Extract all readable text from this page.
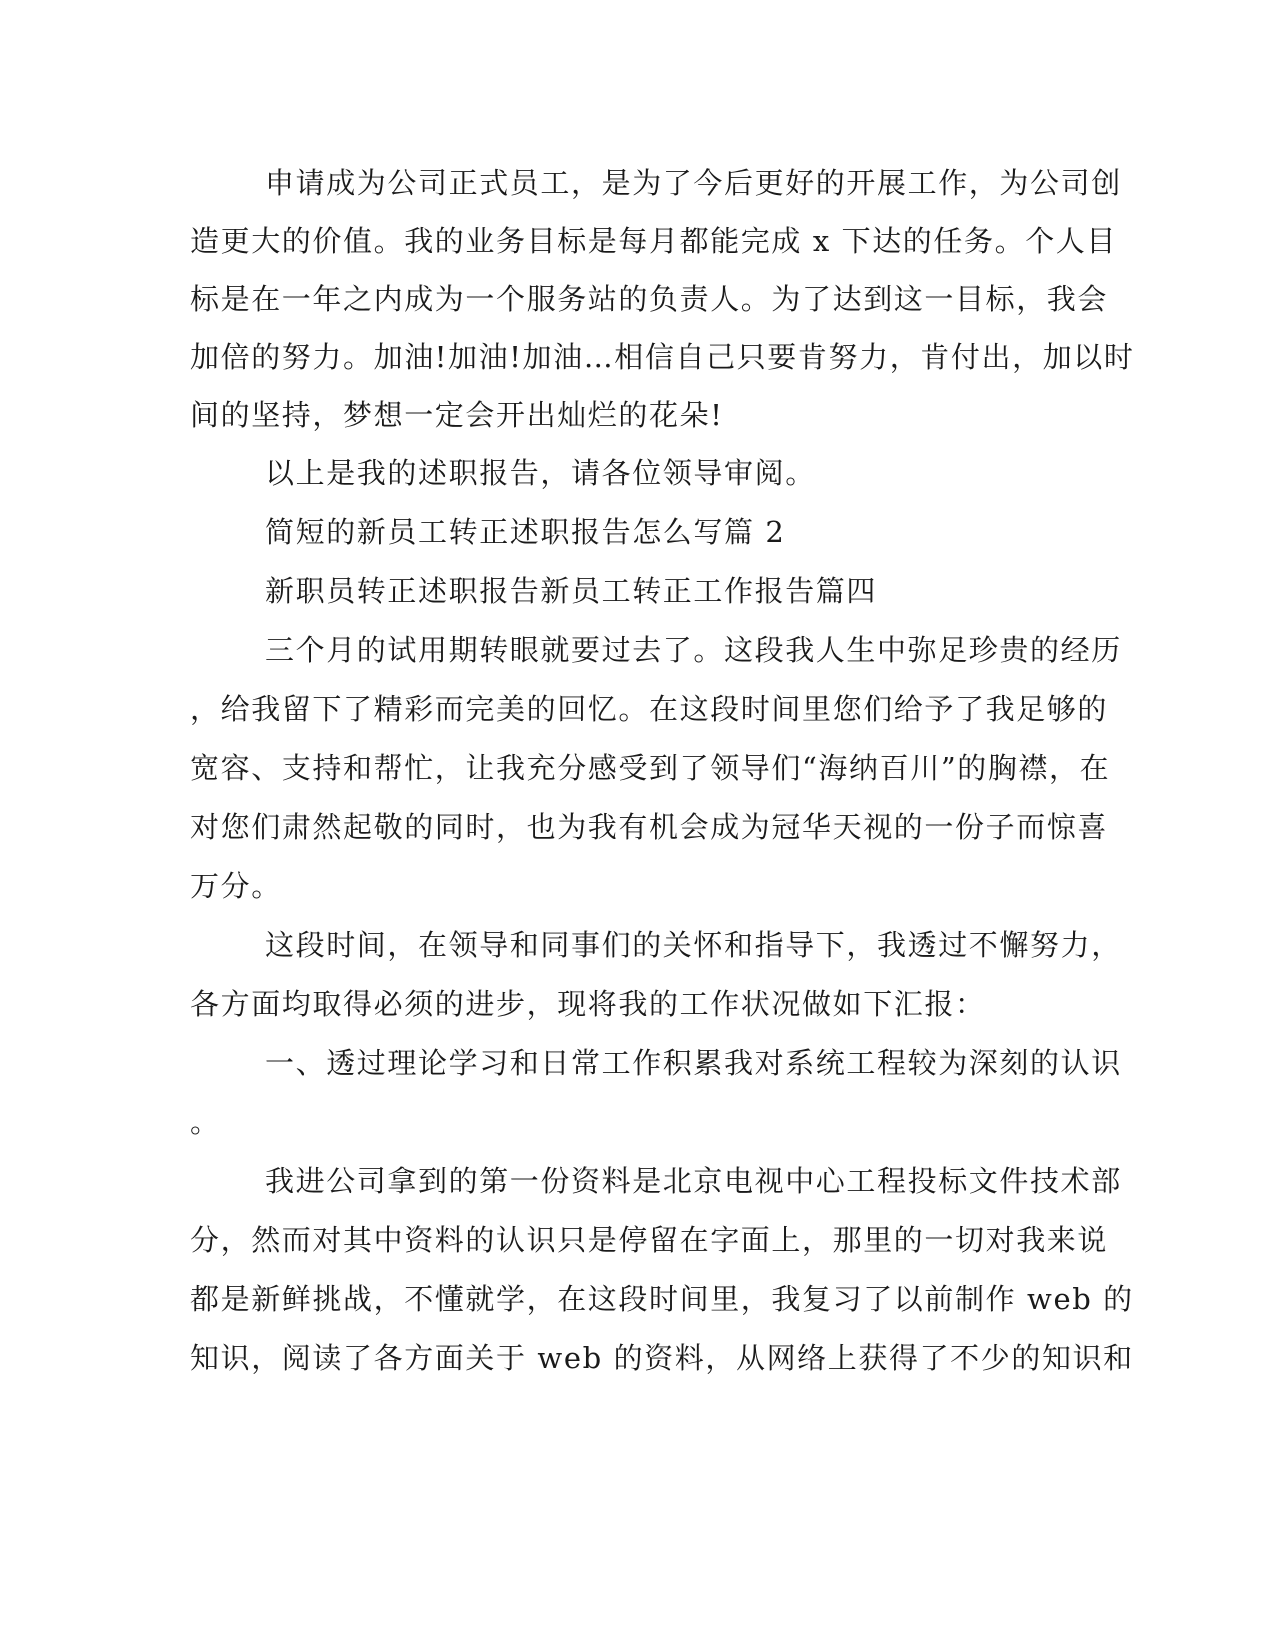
申请成为公司正式员工，是为了今后更好的开展工作，为公司创
造更大的价值。我的业务目标是每月都能完成 x 下达的任务。个人目
标是在一年之内成为一个服务站的负责人。为了达到这一目标，我会
加倍的努力。加油!加油!加油…相信自己只要肯努力，肯付出，加以时
间的坚持，梦想一定会开出灿烂的花朵!
以上是我的述职报告，请各位领导审阅。
简短的新员工转正述职报告怎么写篇 2
新职员转正述职报告新员工转正工作报告篇四
三个月的试用期转眼就要过去了。这段我人生中弥足珍贵的经历
，给我留下了精彩而完美的回忆。在这段时间里您们给予了我足够的
宽容、支持和帮忙，让我充分感受到了领导们“海纳百川”的胸襟，在
对您们肃然起敬的同时，也为我有机会成为冠华天视的一份子而惊喜
万分。
这段时间，在领导和同事们的关怀和指导下，我透过不懈努力，
各方面均取得必须的进步，现将我的工作状况做如下汇报：
一、透过理论学习和日常工作积累我对系统工程较为深刻的认识
。
我进公司拿到的第一份资料是北京电视中心工程投标文件技术部
分，然而对其中资料的认识只是停留在字面上，那里的一切对我来说
都是新鲜挑战，不懂就学，在这段时间里，我复习了以前制作 web 的
知识，阅读了各方面关于 web 的资料，从网络上获得了不少的知识和
